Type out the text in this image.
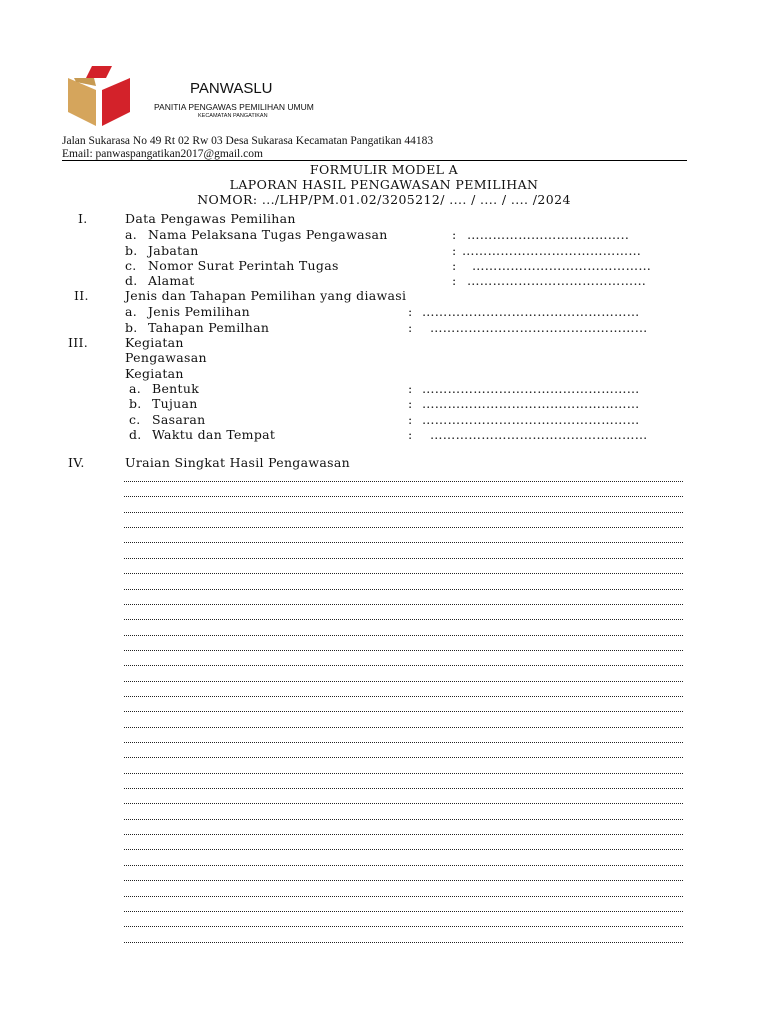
PANWASLU
PANITIA PENGAWAS PEMILIHAN UMUM
KECAMATAN PANGATIKAN
Jalan Sukarasa No 49 Rt 02 Rw 03 Desa Sukarasa Kecamatan Pangatikan 44183
Email: panwaspangatikan2017@gmail.com
FORMULIR MODEL A
LAPORAN HASIL PENGAWASAN PEMILIHAN
NOMOR: .../LHP/PM.01.02/3205212/ .... / .... / .... /2024
I.	Data Pengawas Pemilihan
a. Nama Pelaksana Tugas Pengawasan	: ………………………………..
b. Jabatan	: ……………………………………
c. Nomor Surat Perintah Tugas	: ……………………………………
d. Alamat	: ……………………………………
II.	Jenis dan Tahapan Pemilihan yang diawasi
a. Jenis Pemilihan	: ……………………………………………
b. Tahapan Pemilhan	: ……………………………………………
III.	Kegiatan
Pengawasan
Kegiatan
a. Bentuk	: ……………………………………………
b. Tujuan	: ……………………………………………
c. Sasaran	: ……………………………………………
d. Waktu dan Tempat	: ……………………………………………
IV.	Uraian Singkat Hasil Pengawasan
